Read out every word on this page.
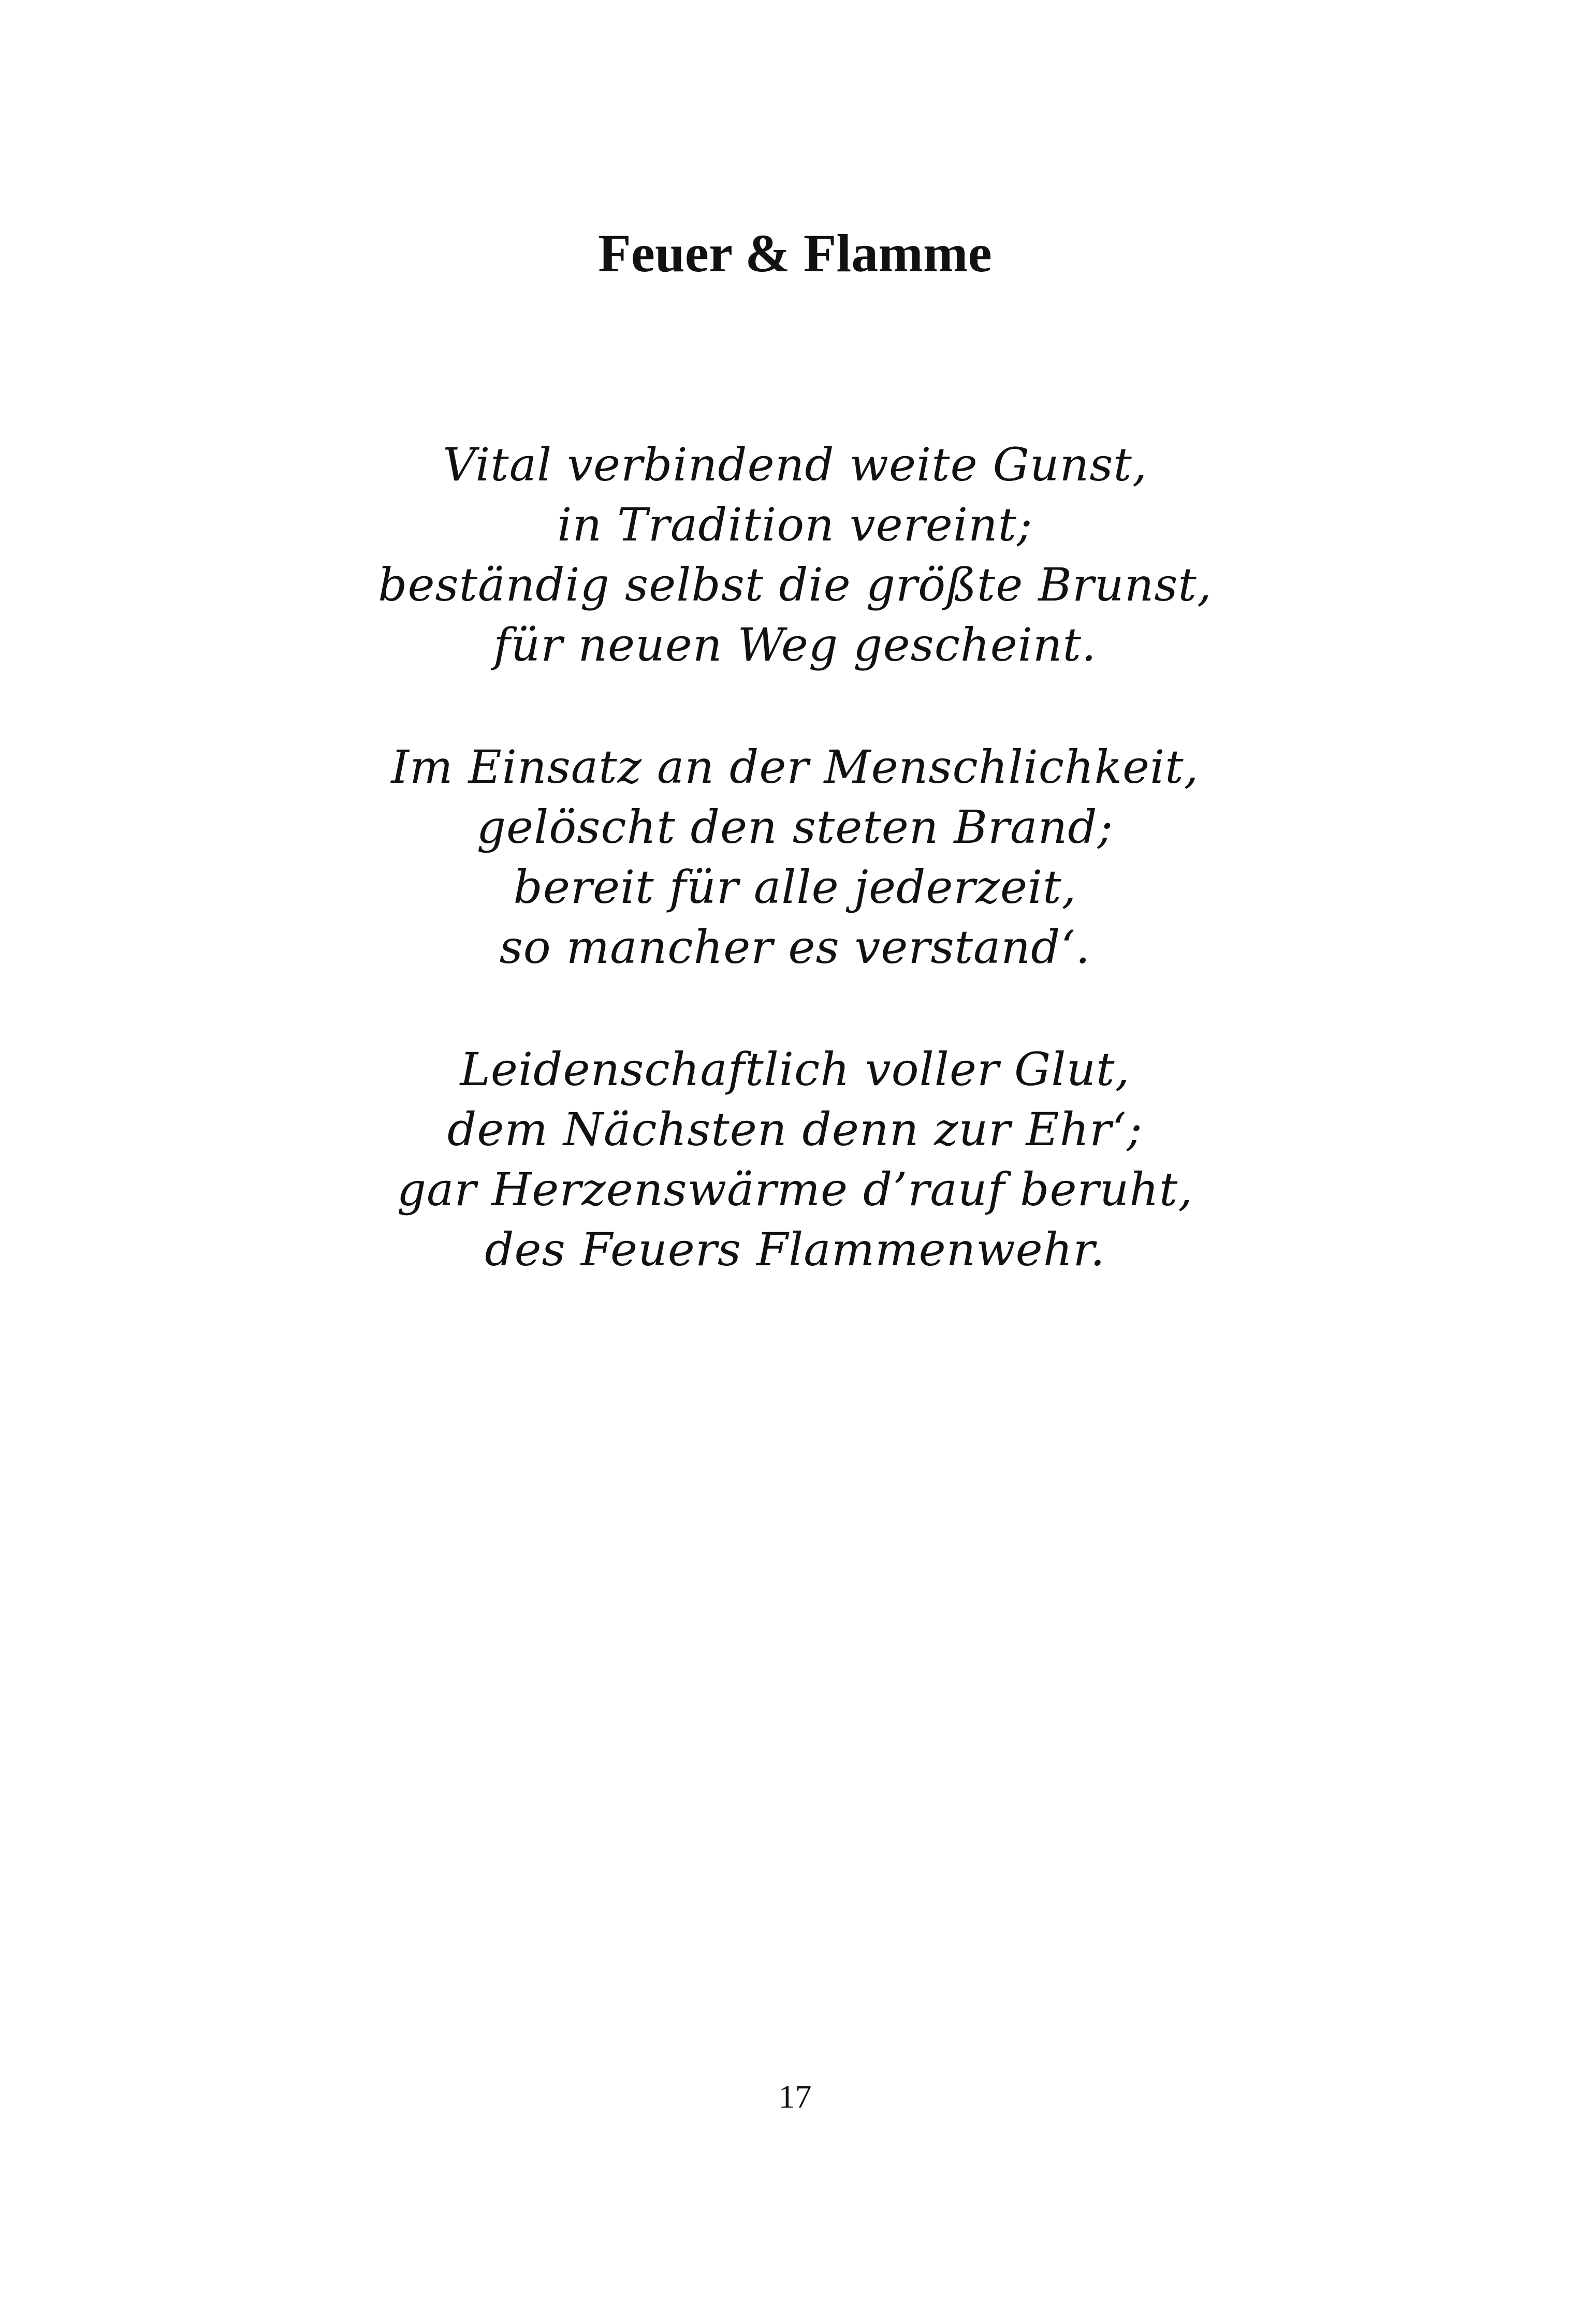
Feuer & Flamme
Vital verbindend weite Gunst,
in Tradition vereint;
beständig selbst die größte Brunst,
für neuen Weg gescheint.
Im Einsatz an der Menschlichkeit,
gelöscht den steten Brand;
bereit für alle jederzeit,
so mancher es verstand‘.
Leidenschaftlich voller Glut,
dem Nächsten denn zur Ehr‘;
gar Herzenswärme d’rauf beruht,
des Feuers Flammenwehr.
17
